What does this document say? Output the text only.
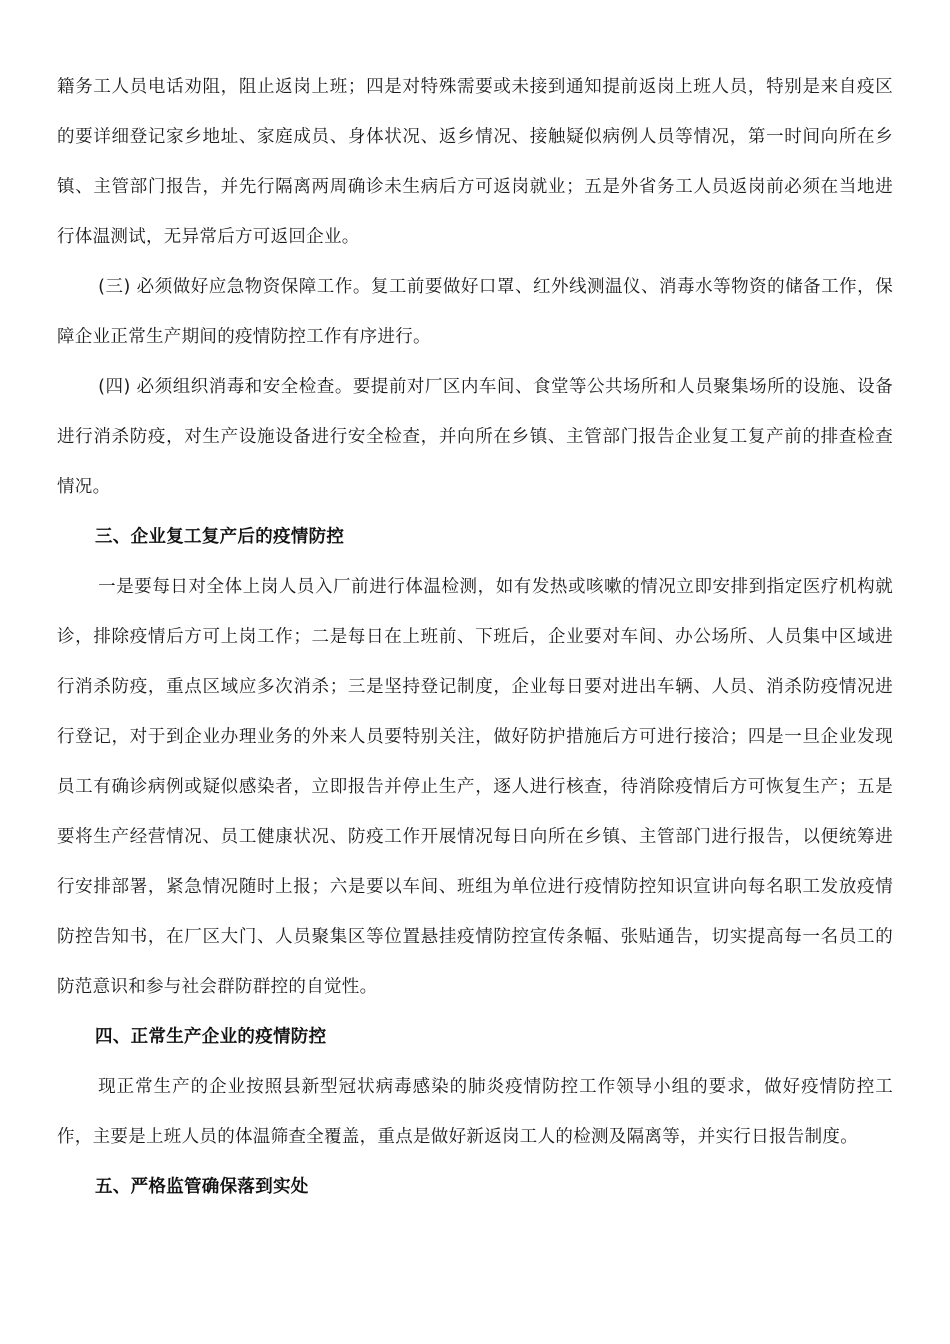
籍务工人员电话劝阻，阻止返岗上班；四是对特殊需要或未接到通知提前返岗上班人员，特别是来自疫区的要详细登记家乡地址、家庭成员、身体状况、返乡情况、接触疑似病例人员等情况，第一时间向所在乡镇、主管部门报告，并先行隔离两周确诊未生病后方可返岗就业；五是外省务工人员返岗前必须在当地进行体温测试，无异常后方可返回企业。

(三) 必须做好应急物资保障工作。复工前要做好口罩、红外线测温仪、消毒水等物资的储备工作，保障企业正常生产期间的疫情防控工作有序进行。

(四) 必须组织消毒和安全检查。要提前对厂区内车间、食堂等公共场所和人员聚集场所的设施、设备进行消杀防疫，对生产设施设备进行安全检查，并向所在乡镇、主管部门报告企业复工复产前的排查检查情况。

三、企业复工复产后的疫情防控

一是要每日对全体上岗人员入厂前进行体温检测，如有发热或咳嗽的情况立即安排到指定医疗机构就诊，排除疫情后方可上岗工作；二是每日在上班前、下班后，企业要对车间、办公场所、人员集中区域进行消杀防疫，重点区域应多次消杀；三是坚持登记制度，企业每日要对进出车辆、人员、消杀防疫情况进行登记，对于到企业办理业务的外来人员要特别关注，做好防护措施后方可进行接洽；四是一旦企业发现员工有确诊病例或疑似感染者，立即报告并停止生产，逐人进行核查，待消除疫情后方可恢复生产；五是要将生产经营情况、员工健康状况、防疫工作开展情况每日向所在乡镇、主管部门进行报告，以便统筹进行安排部署，紧急情况随时上报；六是要以车间、班组为单位进行疫情防控知识宣讲向每名职工发放疫情防控告知书，在厂区大门、人员聚集区等位置悬挂疫情防控宣传条幅、张贴通告，切实提高每一名员工的防范意识和参与社会群防群控的自觉性。

四、正常生产企业的疫情防控

现正常生产的企业按照县新型冠状病毒感染的肺炎疫情防控工作领导小组的要求，做好疫情防控工作，主要是上班人员的体温筛查全覆盖，重点是做好新返岗工人的检测及隔离等，并实行日报告制度。

五、严格监管确保落到实处
